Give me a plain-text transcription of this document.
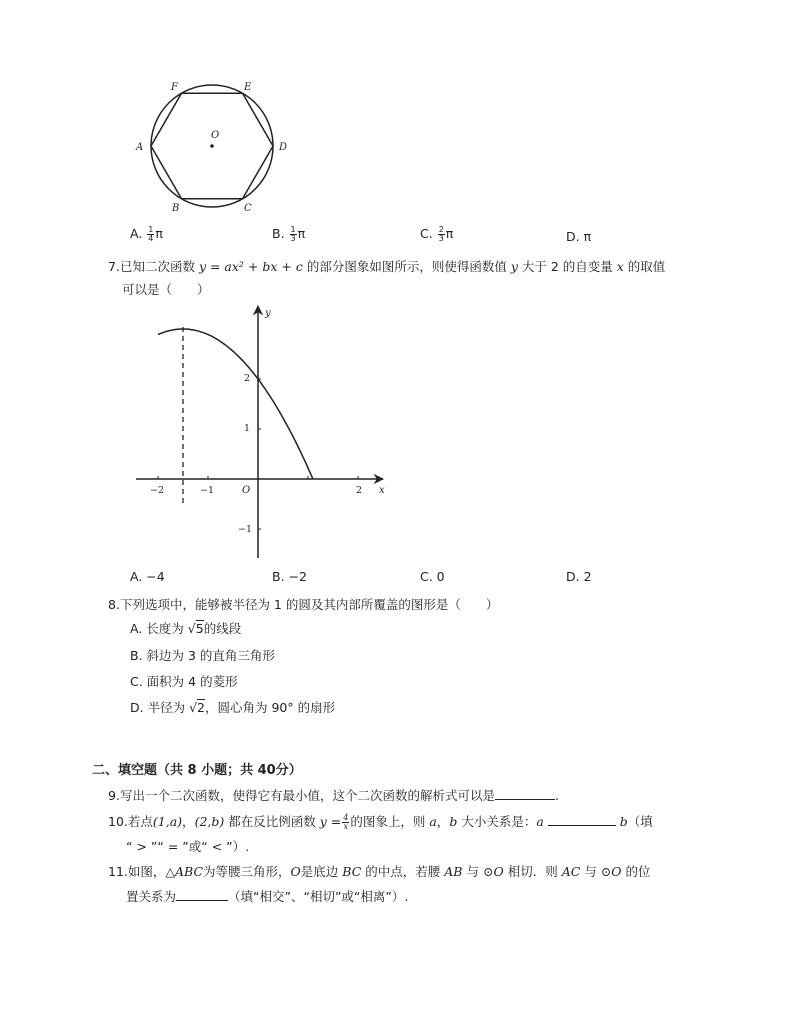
O
A	D
F	E
B	C
A. $\frac{1}{4}$ π	B. $\frac{1}{3}$ π	C. $\frac{2}{3}$ π	D. π
7.已知二次函数 y = ax² + bx + c 的部分图象如图所示，则使得函数值 y 大于 2 的自变量 x 的取值
可以是（　　）
y
x
O
−2	−1	2
2
1
−1
A. −4	B. −2	C. 0	D. 2
8.下列选项中，能够被半径为 1 的圆及其内部所覆盖的图形是（　　）
A. 长度为 √5的线段
B. 斜边为 3 的直角三角形
C. 面积为 4 的菱形
D. 半径为 √2，圆心角为 90° 的扇形
二、填空题（共 8 小题；共 40分）
9.写出一个二次函数，使得它有最小值，这个二次函数的解析式可以是	.
10.若点(1,a)，(2,b) 都在反比例函数 $y = \frac{4}{x}$ 的图象上，则 a，b 大小关系是：a	b（填
“ > ”“ = ”或“ < ”）.
11.如图，△ABC为等腰三角形，O是底边 BC 的中点，若腰 AB 与 ⊙O 相切．则 AC 与 ⊙O 的位
置关系为	（填“相交”、“相切”或“相离”）.
